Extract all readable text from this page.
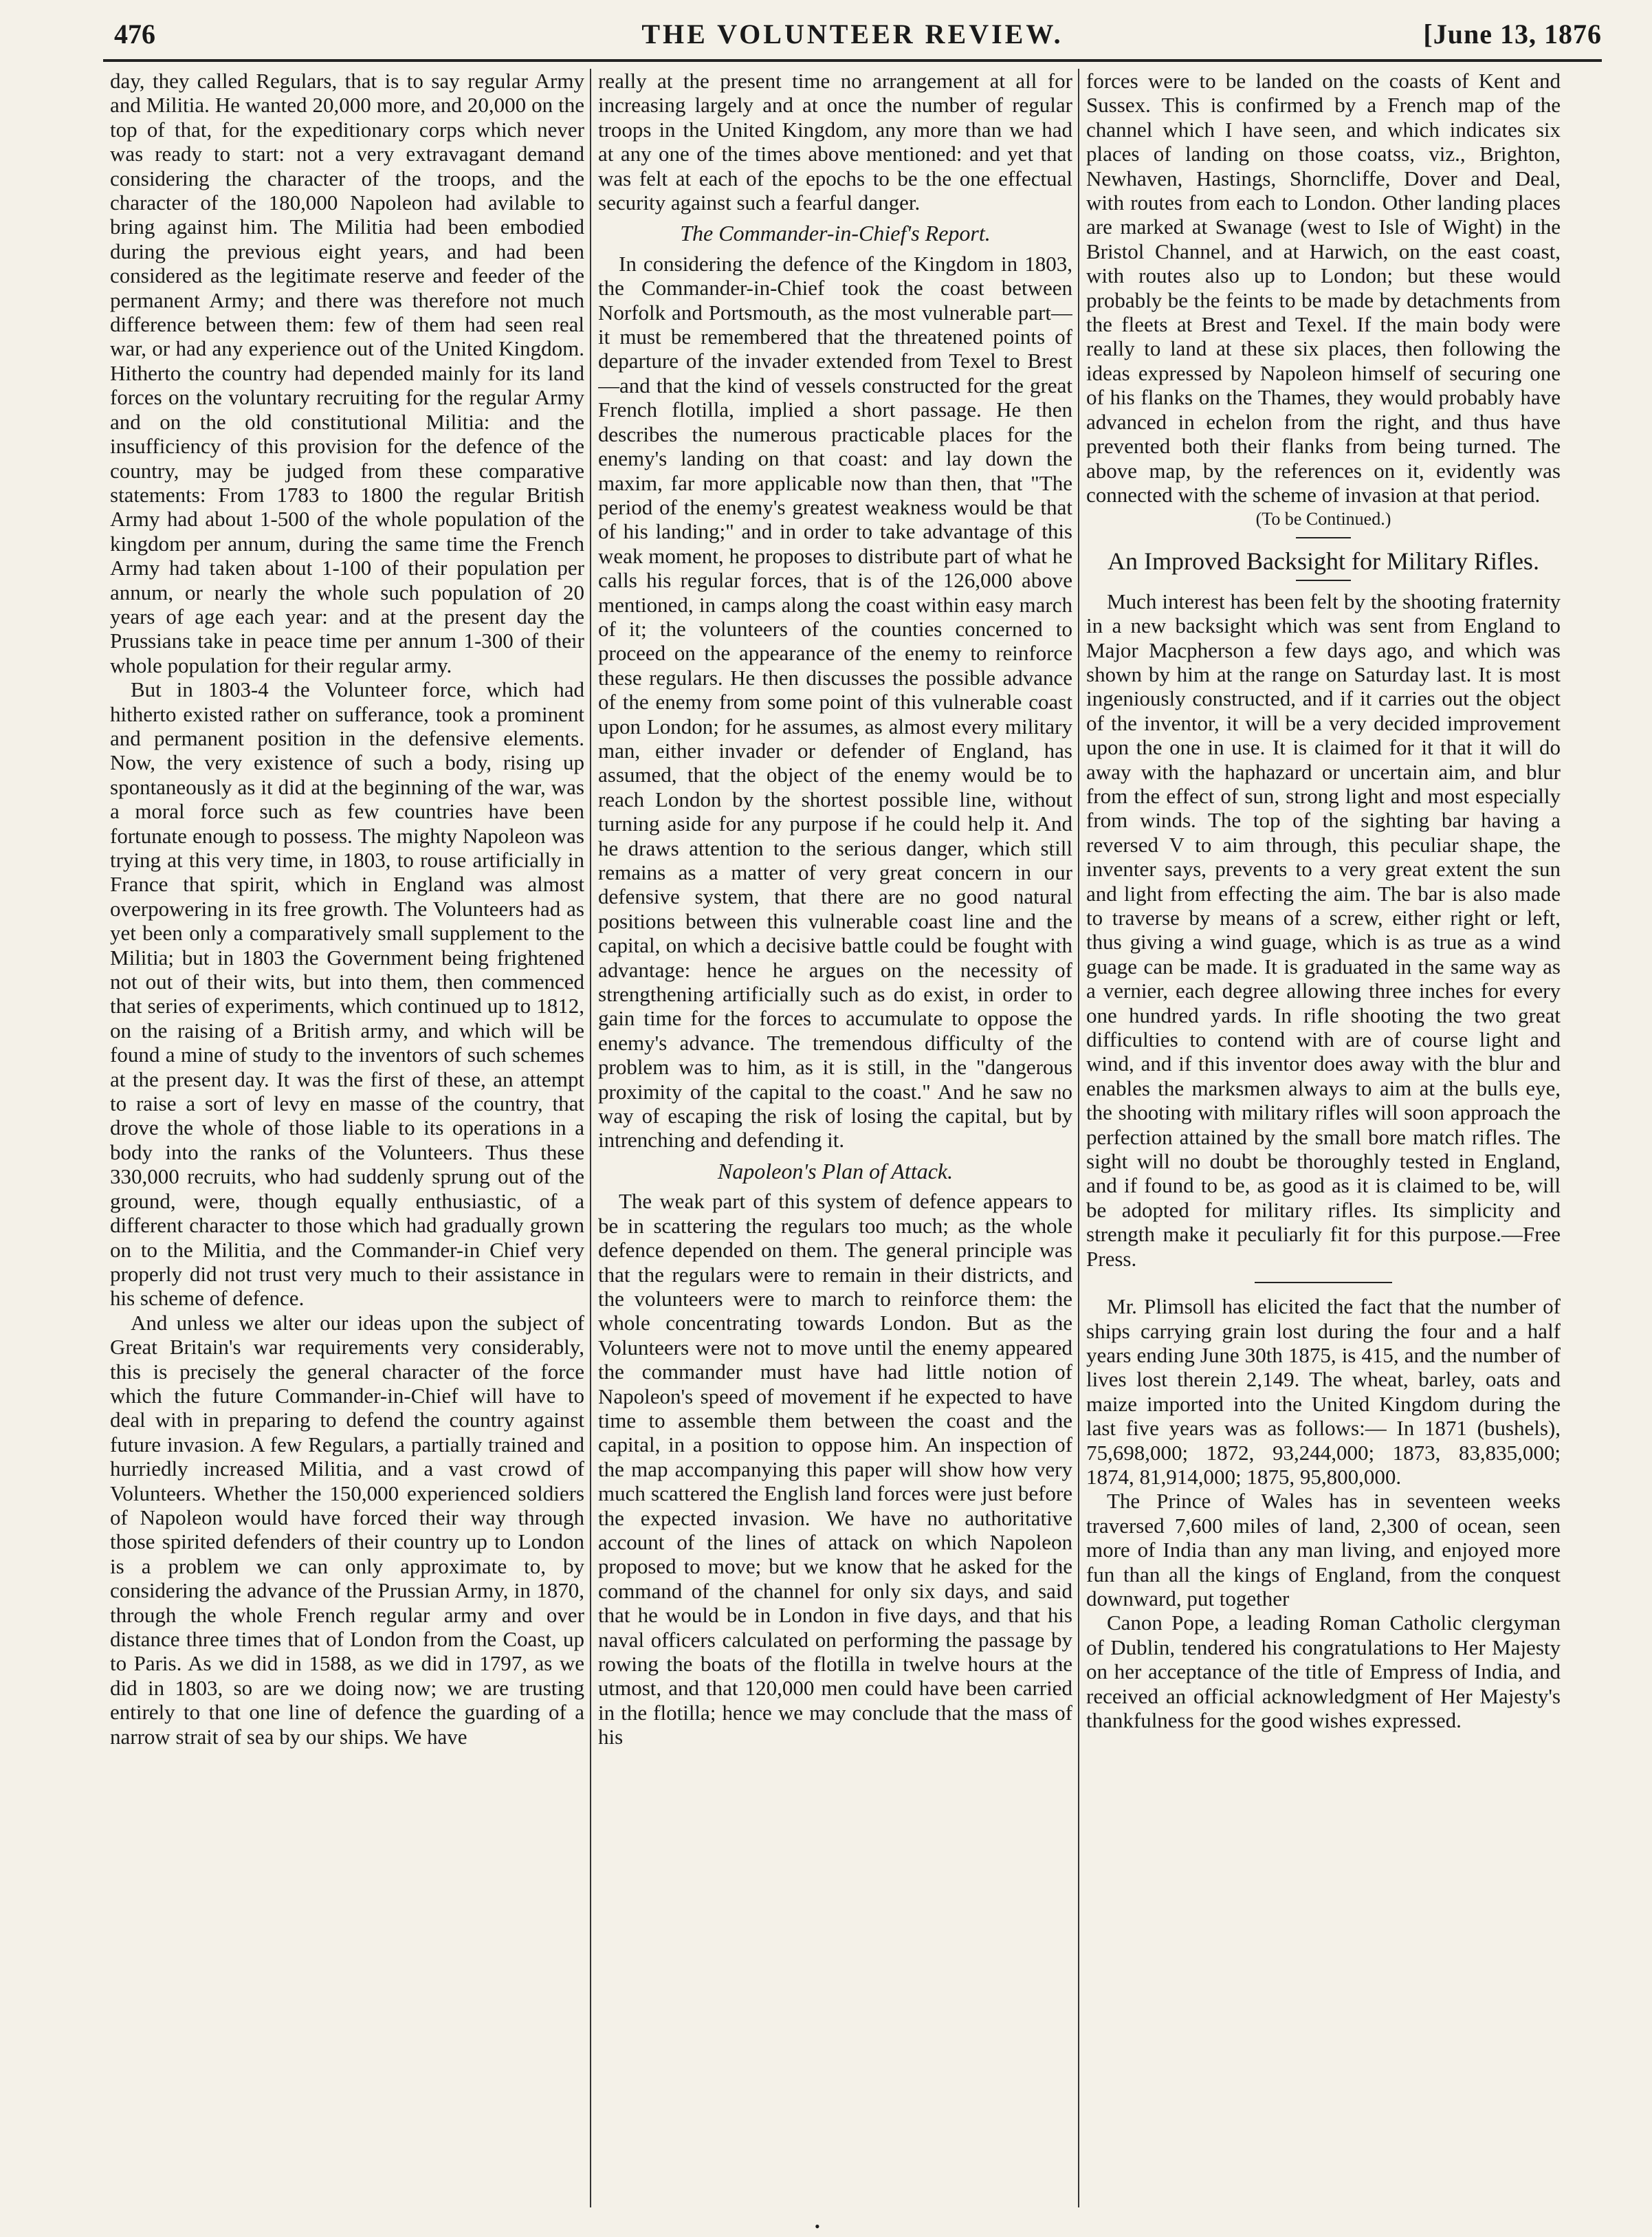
476	THE VOLUNTEER REVIEW.	[June 13, 1876

day, they called Regulars, that is to say regular Army and Militia. He wanted 20,000 more, and 20,000 on the top of that, for the expeditionary corps which never was ready to start: not a very extravagant demand considering the character of the troops, and the character of the 180,000 Napoleon had avilable to bring against him. The Militia had been embodied during the previous eight years, and had been considered as the legitimate reserve and feeder of the permanent Army; and there was therefore not much difference between them: few of them had seen real war, or had any experience out of the United Kingdom. Hitherto the country had depended mainly for its land forces on the voluntary recruiting for the regular Army and on the old constitutional Militia: and the insufficiency of this provision for the defence of the country, may be judged from these comparative statements: From 1783 to 1800 the regular British Army had about 1-500 of the whole population of the kingdom per annum, during the same time the French Army had taken about 1-100 of their population per annum, or nearly the whole such population of 20 years of age each year: and at the present day the Prussians take in peace time per annum 1-300 of their whole population for their regular army.

But in 1803-4 the Volunteer force, which had hitherto existed rather on sufferance, took a prominent and permanent position in the defensive elements. Now, the very existence of such a body, rising up spontaneously as it did at the beginning of the war, was a moral force such as few countries have been fortunate enough to possess. The mighty Napoleon was trying at this very time, in 1803, to rouse artificially in France that spirit, which in England was almost overpowering in its free growth. The Volunteers had as yet been only a comparatively small supplement to the Militia; but in 1803 the Government being frightened not out of their wits, but into them, then commenced that series of experiments, which continued up to 1812, on the raising of a British army, and which will be found a mine of study to the inventors of such schemes at the present day. It was the first of these, an attempt to raise a sort of levy en masse of the country, that drove the whole of those liable to its operations in a body into the ranks of the Volunteers. Thus these 330,000 recruits, who had suddenly sprung out of the ground, were, though equally enthusiastic, of a different character to those which had gradually grown on to the Militia, and the Commander-in Chief very properly did not trust very much to their assistance in his scheme of defence.

And unless we alter our ideas upon the subject of Great Britain's war requirements very considerably, this is precisely the general character of the force which the future Commander-in-Chief will have to deal with in preparing to defend the country against future invasion. A few Regulars, a partially trained and hurriedly increased Militia, and a vast crowd of Volunteers. Whether the 150,000 experienced soldiers of Napoleon would have forced their way through those spirited defenders of their country up to London is a problem we can only approximate to, by considering the advance of the Prussian Army, in 1870, through the whole French regular army and over distance three times that of London from the Coast, up to Paris. As we did in 1588, as we did in 1797, as we did in 1803, so are we doing now; we are trusting entirely to that one line of defence the guarding of a narrow strait of sea by our ships. We have

really at the present time no arrangement at all for increasing largely and at once the number of regular troops in the United Kingdom, any more than we had at any one of the times above mentioned: and yet that was felt at each of the epochs to be the one effectual security against such a fearful danger.

The Commander-in-Chief's Report.

In considering the defence of the Kingdom in 1803, the Commander-in-Chief took the coast between Norfolk and Portsmouth, as the most vulnerable part—it must be remembered that the threatened points of departure of the invader extended from Texel to Brest—and that the kind of vessels constructed for the great French flotilla, implied a short passage. He then describes the numerous practicable places for the enemy's landing on that coast: and lay down the maxim, far more applicable now than then, that "The period of the enemy's greatest weakness would be that of his landing;" and in order to take advantage of this weak moment, he proposes to distribute part of what he calls his regular forces, that is of the 126,000 above mentioned, in camps along the coast within easy march of it; the volunteers of the counties concerned to proceed on the appearance of the enemy to reinforce these regulars. He then discusses the possible advance of the enemy from some point of this vulnerable coast upon London; for he assumes, as almost every military man, either invader or defender of England, has assumed, that the object of the enemy would be to reach London by the shortest possible line, without turning aside for any purpose if he could help it. And he draws attention to the serious danger, which still remains as a matter of very great concern in our defensive system, that there are no good natural positions between this vulnerable coast line and the capital, on which a decisive battle could be fought with advantage: hence he argues on the necessity of strengthening artificially such as do exist, in order to gain time for the forces to accumulate to oppose the enemy's advance. The tremendous difficulty of the problem was to him, as it is still, in the "dangerous proximity of the capital to the coast." And he saw no way of escaping the risk of losing the capital, but by intrenching and defending it.

Napoleon's Plan of Attack.

The weak part of this system of defence appears to be in scattering the regulars too much; as the whole defence depended on them. The general principle was that the regulars were to remain in their districts, and the volunteers were to march to reinforce them: the whole concentrating towards London. But as the Volunteers were not to move until the enemy appeared the commander must have had little notion of Napoleon's speed of movement if he expected to have time to assemble them between the coast and the capital, in a position to oppose him. An inspection of the map accompanying this paper will show how very much scattered the English land forces were just before the expected invasion. We have no authoritative account of the lines of attack on which Napoleon proposed to move; but we know that he asked for the command of the channel for only six days, and said that he would be in London in five days, and that his naval officers calculated on performing the passage by rowing the boats of the flotilla in twelve hours at the utmost, and that 120,000 men could have been carried in the flotilla; hence we may conclude that the mass of his

forces were to be landed on the coasts of Kent and Sussex. This is confirmed by a French map of the channel which I have seen, and which indicates six places of landing on those coatss, viz., Brighton, Newhaven, Hastings, Shorncliffe, Dover and Deal, with routes from each to London. Other landing places are marked at Swanage (west to Isle of Wight) in the Bristol Channel, and at Harwich, on the east coast, with routes also up to London; but these would probably be the feints to be made by detachments from the fleets at Brest and Texel. If the main body were really to land at these six places, then following the ideas expressed by Napoleon himself of securing one of his flanks on the Thames, they would probably have advanced in echelon from the right, and thus have prevented both their flanks from being turned. The above map, by the references on it, evidently was connected with the scheme of invasion at that period.

(To be Continued.)
An Improved Backsight for Military Rifles.

Much interest has been felt by the shooting fraternity in a new backsight which was sent from England to Major Macpherson a few days ago, and which was shown by him at the range on Saturday last. It is most ingeniously constructed, and if it carries out the object of the inventor, it will be a very decided improvement upon the one in use. It is claimed for it that it will do away with the haphazard or uncertain aim, and blur from the effect of sun, strong light and most especially from winds. The top of the sighting bar having a reversed V to aim through, this peculiar shape, the inventer says, prevents to a very great extent the sun and light from effecting the aim. The bar is also made to traverse by means of a screw, either right or left, thus giving a wind guage, which is as true as a wind guage can be made. It is graduated in the same way as a vernier, each degree allowing three inches for every one hundred yards. In rifle shooting the two great difficulties to contend with are of course light and wind, and if this inventor does away with the blur and enables the marksmen always to aim at the bulls eye, the shooting with military rifles will soon approach the perfection attained by the small bore match rifles. The sight will no doubt be thoroughly tested in England, and if found to be, as good as it is claimed to be, will be adopted for military rifles. Its simplicity and strength make it peculiarly fit for this purpose.—Free Press.

Mr. Plimsoll has elicited the fact that the number of ships carrying grain lost during the four and a half years ending June 30th 1875, is 415, and the number of lives lost therein 2,149. The wheat, barley, oats and maize imported into the United Kingdom during the last five years was as follows:— In 1871 (bushels), 75,698,000; 1872, 93,244,000; 1873, 83,835,000; 1874, 81,914,000; 1875, 95,800,000.

The Prince of Wales has in seventeen weeks traversed 7,600 miles of land, 2,300 of ocean, seen more of India than any man living, and enjoyed more fun than all the kings of England, from the conquest downward, put together

Canon Pope, a leading Roman Catholic clergyman of Dublin, tendered his congratulations to Her Majesty on her acceptance of the title of Empress of India, and received an official acknowledgment of Her Majesty's thankfulness for the good wishes expressed.

•
